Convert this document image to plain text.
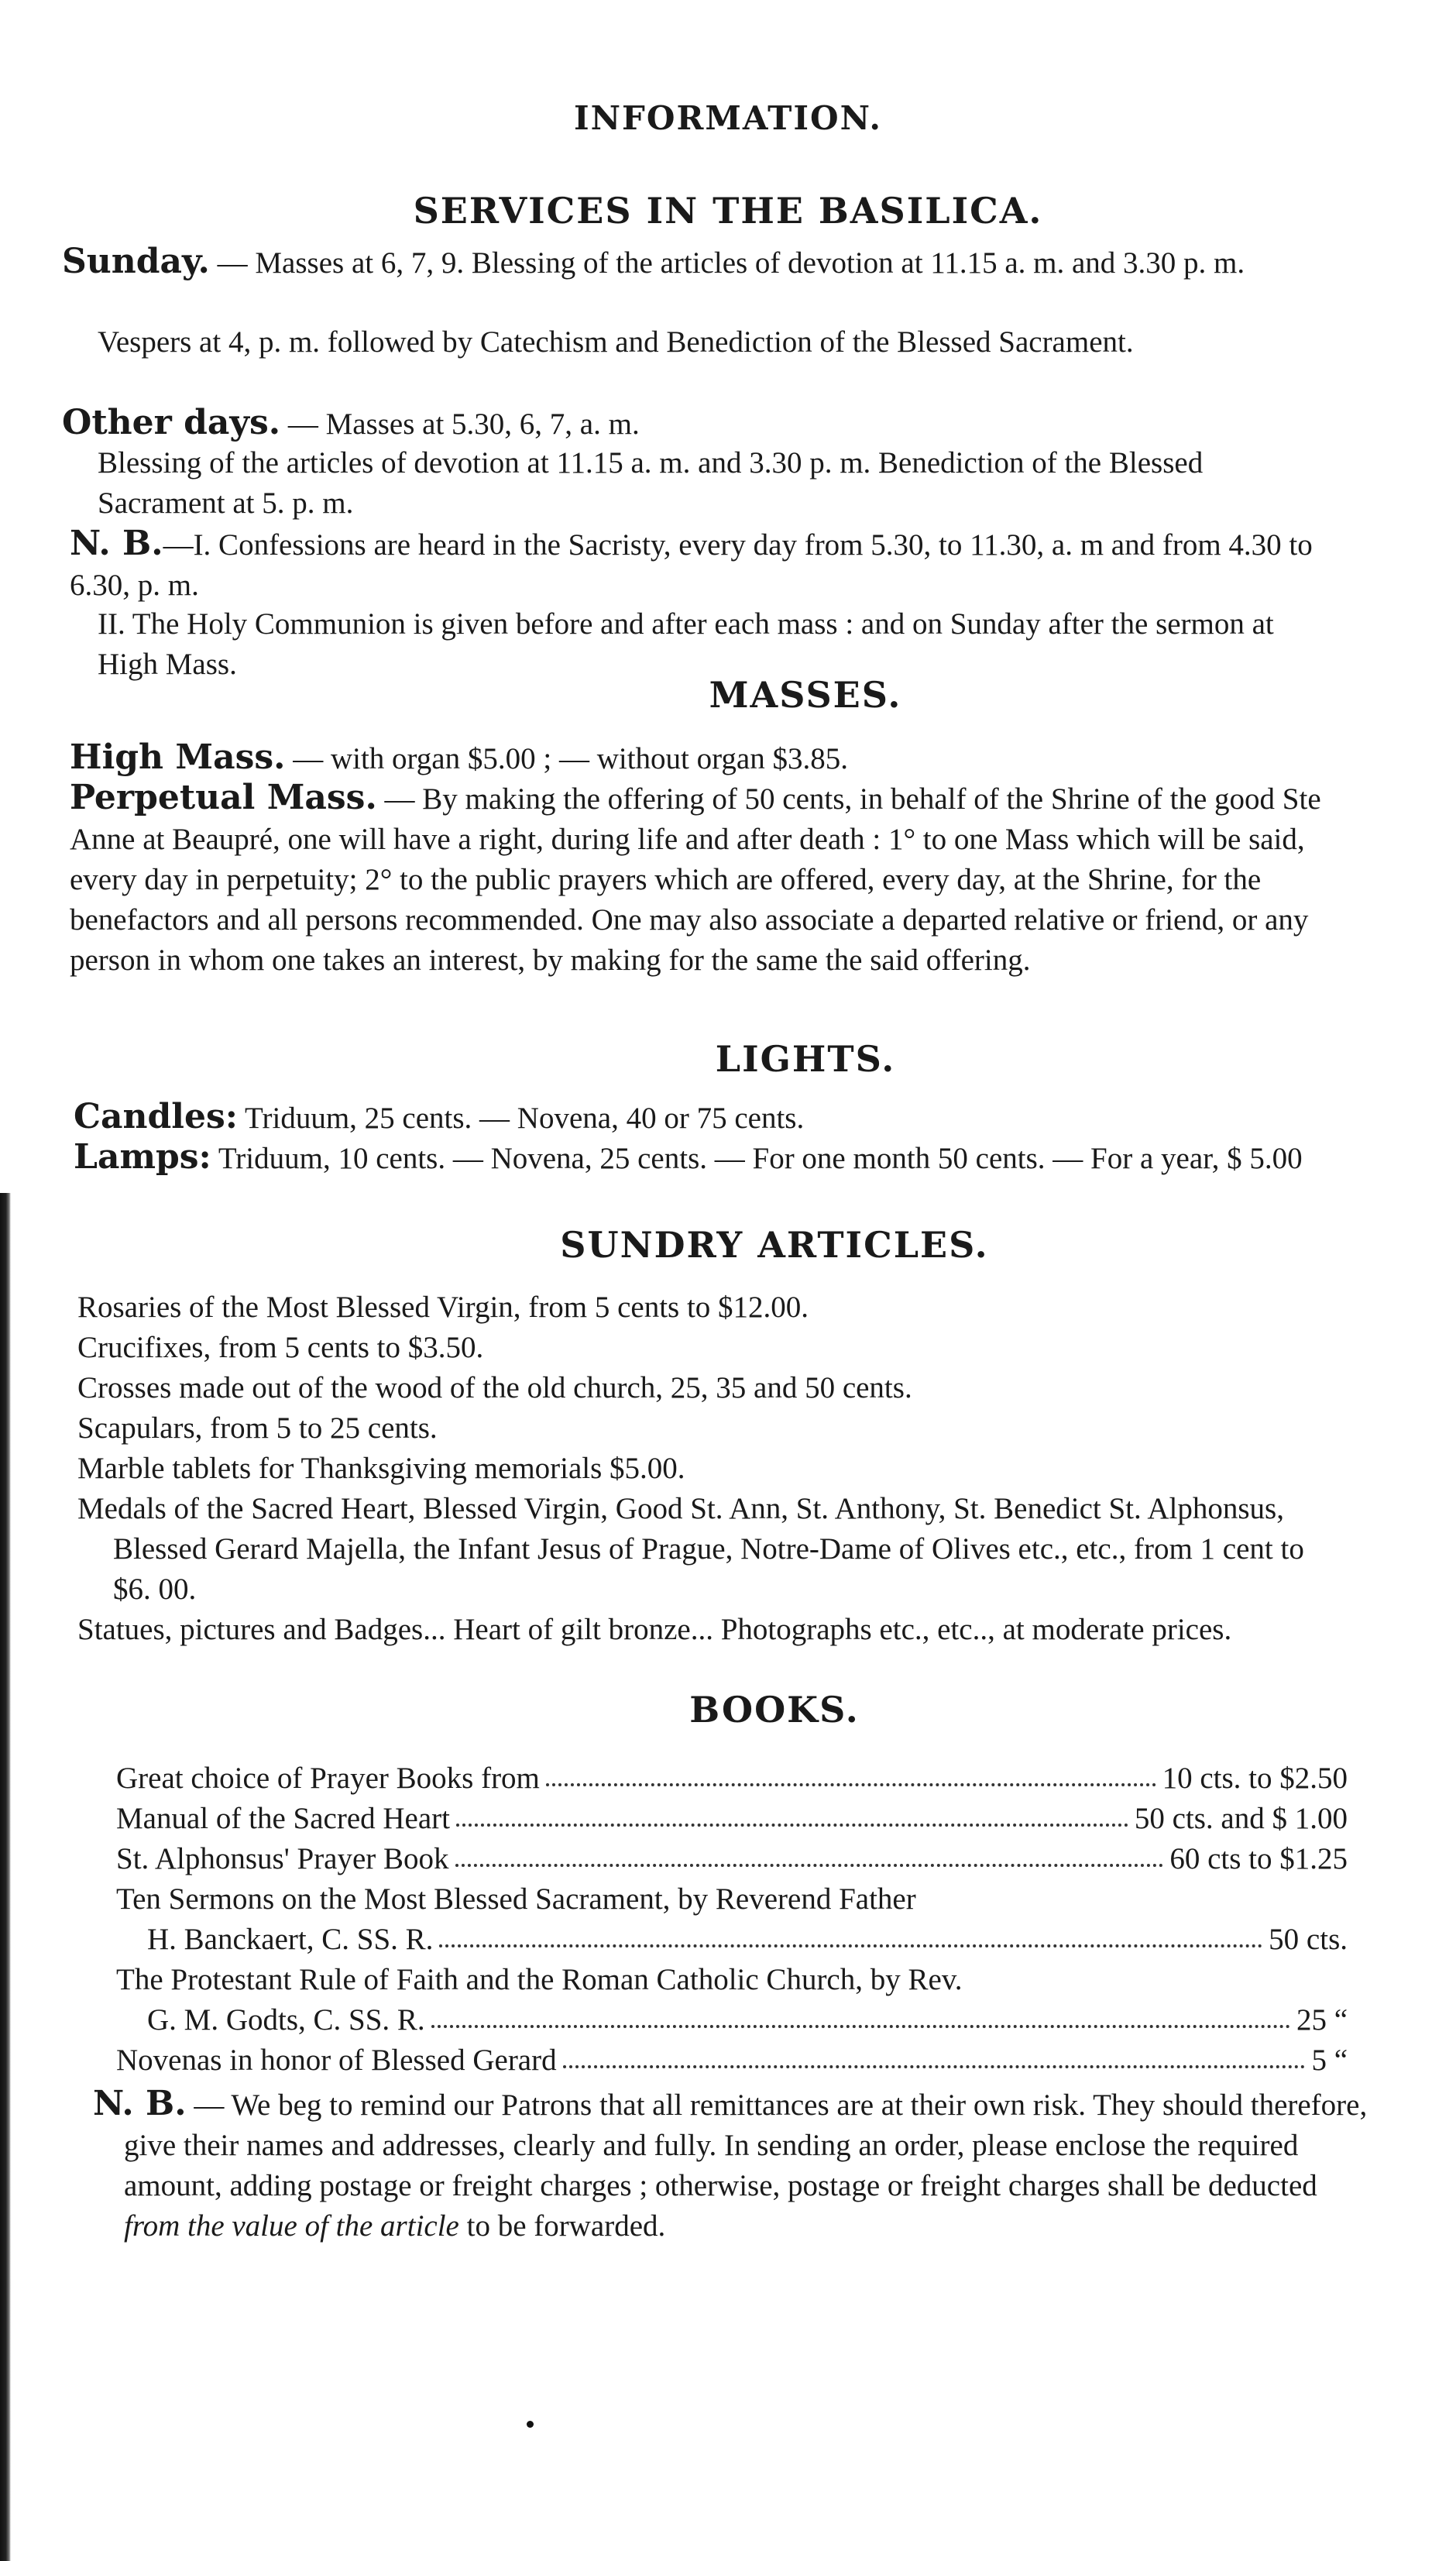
INFORMATION.
SERVICES IN THE BASILICA.

Sunday. — Masses at 6, 7, 9. Blessing of the articles of devotion at 11.15 a. m. and 3.30 p. m.

Vespers at 4, p. m. followed by Catechism and Benediction of the Blessed Sacrament.

Other days. — Masses at 5.30, 6, 7, a. m.

Blessing of the articles of devotion at 11.15 a. m. and 3.30 p. m. Benediction of the Blessed Sacrament at 5. p. m.

N. B.—I. Confessions are heard in the Sacristy, every day from 5.30, to 11.30, a. m and from 4.30 to 6.30, p. m.

II. The Holy Communion is given before and after each mass : and on Sunday after the sermon at High Mass.

MASSES.

High Mass. — with organ $5.00 ; — without organ $3.85.

Perpetual Mass. — By making the offering of 50 cents, in behalf of the Shrine of the good Ste Anne at Beaupré, one will have a right, during life and after death : 1° to one Mass which will be said, every day in perpetuity; 2° to the public prayers which are offered, every day, at the Shrine, for the benefactors and all persons recommended. One may also associate a departed relative or friend, or any person in whom one takes an interest, by making for the same the said offering.

LIGHTS.

Candles: Triduum, 25 cents. — Novena, 40 or 75 cents.

Lamps: Triduum, 10 cents. — Novena, 25 cents. — For one month 50 cents. — For a year, $ 5.00

SUNDRY ARTICLES.

Rosaries of the Most Blessed Virgin, from 5 cents to $12.00.

Crucifixes, from 5 cents to $3.50.

Crosses made out of the wood of the old church, 25, 35 and 50 cents.

Scapulars, from 5 to 25 cents.

Marble tablets for Thanksgiving memorials $5.00.

Medals of the Sacred Heart, Blessed Virgin, Good St. Ann, St. Anthony, St. Benedict St. Alphonsus, Blessed Gerard Majella, the Infant Jesus of Prague, Notre-Dame of Olives etc., etc., from 1 cent to $6. 00.

Statues, pictures and Badges... Heart of gilt bronze... Photographs etc., etc.., at moderate prices.

BOOKS.
Great choice of Prayer Books from	10 cts. to $2.50
Manual of the Sacred Heart	50 cts. and $ 1.00
St. Alphonsus' Prayer Book	60 cts to $1.25

Ten Sermons on the Most Blessed Sacrament, by Reverend Father

H. Banckaert, C. SS. R.	50 cts.

The Protestant Rule of Faith and the Roman Catholic Church, by Rev.

G. M. Godts, C. SS. R.	25 “
Novenas in honor of Blessed Gerard	5 “

N. B. — We beg to remind our Patrons that all remittances are at their own risk. They should therefore, give their names and addresses, clearly and fully. In sending an order, please enclose the required amount, adding postage or freight charges ; otherwise, postage or freight charges shall be deducted from the value of the article to be forwarded.
